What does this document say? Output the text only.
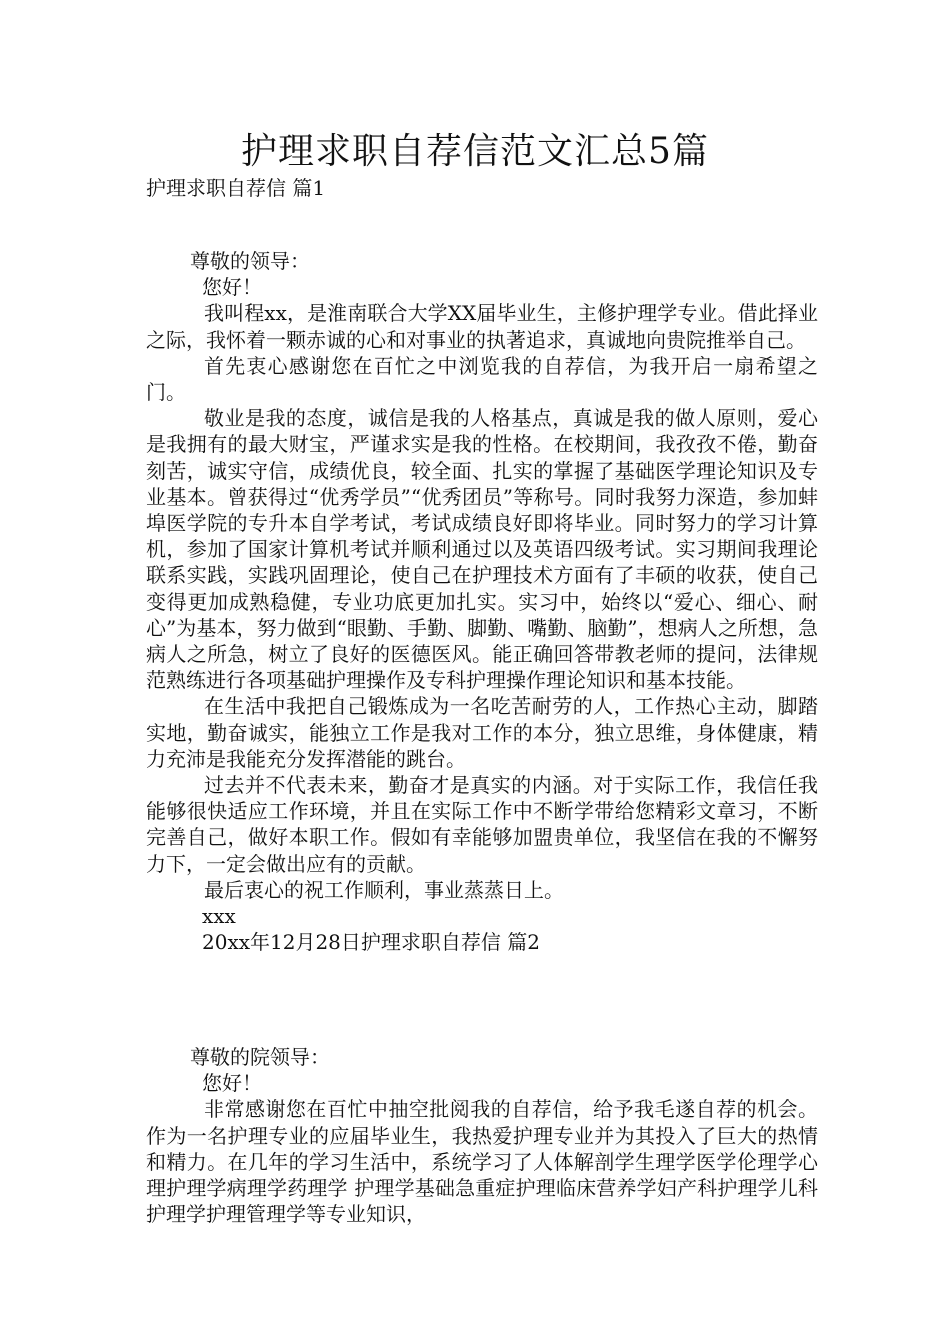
护理求职自荐信范文汇总5篇
护理求职自荐信 篇1

尊敬的领导：

您好！

我叫程xx，是淮南联合大学XX届毕业生，主修护理学专业。借此择业之际，我怀着一颗赤诚的心和对事业的执著追求，真诚地向贵院推举自己。

首先衷心感谢您在百忙之中浏览我的自荐信，为我开启一扇希望之门。

敬业是我的态度，诚信是我的人格基点，真诚是我的做人原则，爱心是我拥有的最大财宝，严谨求实是我的性格。在校期间，我孜孜不倦，勤奋刻苦，诚实守信，成绩优良，较全面、扎实的掌握了基础医学理论知识及专业基本。曾获得过“优秀学员”“优秀团员”等称号。同时我努力深造，参加蚌埠医学院的专升本自学考试，考试成绩良好即将毕业。同时努力的学习计算机，参加了国家计算机考试并顺利通过以及英语四级考试。实习期间我理论联系实践，实践巩固理论，使自己在护理技术方面有了丰硕的收获，使自己变得更加成熟稳健，专业功底更加扎实。实习中，始终以“爱心、细心、耐心”为基本，努力做到“眼勤、手勤、脚勤、嘴勤、脑勤”，想病人之所想，急病人之所急，树立了良好的医德医风。能正确回答带教老师的提问，法律规范熟练进行各项基础护理操作及专科护理操作理论知识和基本技能。

在生活中我把自己锻炼成为一名吃苦耐劳的人，工作热心主动，脚踏实地，勤奋诚实，能独立工作是我对工作的本分，独立思维，身体健康，精力充沛是我能充分发挥潜能的跳台。

过去并不代表未来，勤奋才是真实的内涵。对于实际工作，我信任我能够很快适应工作环境，并且在实际工作中不断学带给您精彩文章习，不断完善自己，做好本职工作。假如有幸能够加盟贵单位，我坚信在我的不懈努力下，一定会做出应有的贡献。

最后衷心的祝工作顺利，事业蒸蒸日上。

xxx

20xx年12月28日护理求职自荐信 篇2

尊敬的院领导：

您好！

非常感谢您在百忙中抽空批阅我的自荐信，给予我毛遂自荐的机会。作为一名护理专业的应届毕业生，我热爱护理专业并为其投入了巨大的热情和精力。在几年的学习生活中，系统学习了人体解剖学生理学医学伦理学心理护理学病理学药理学 护理学基础急重症护理临床营养学妇产科护理学儿科护理学护理管理学等专业知识，
